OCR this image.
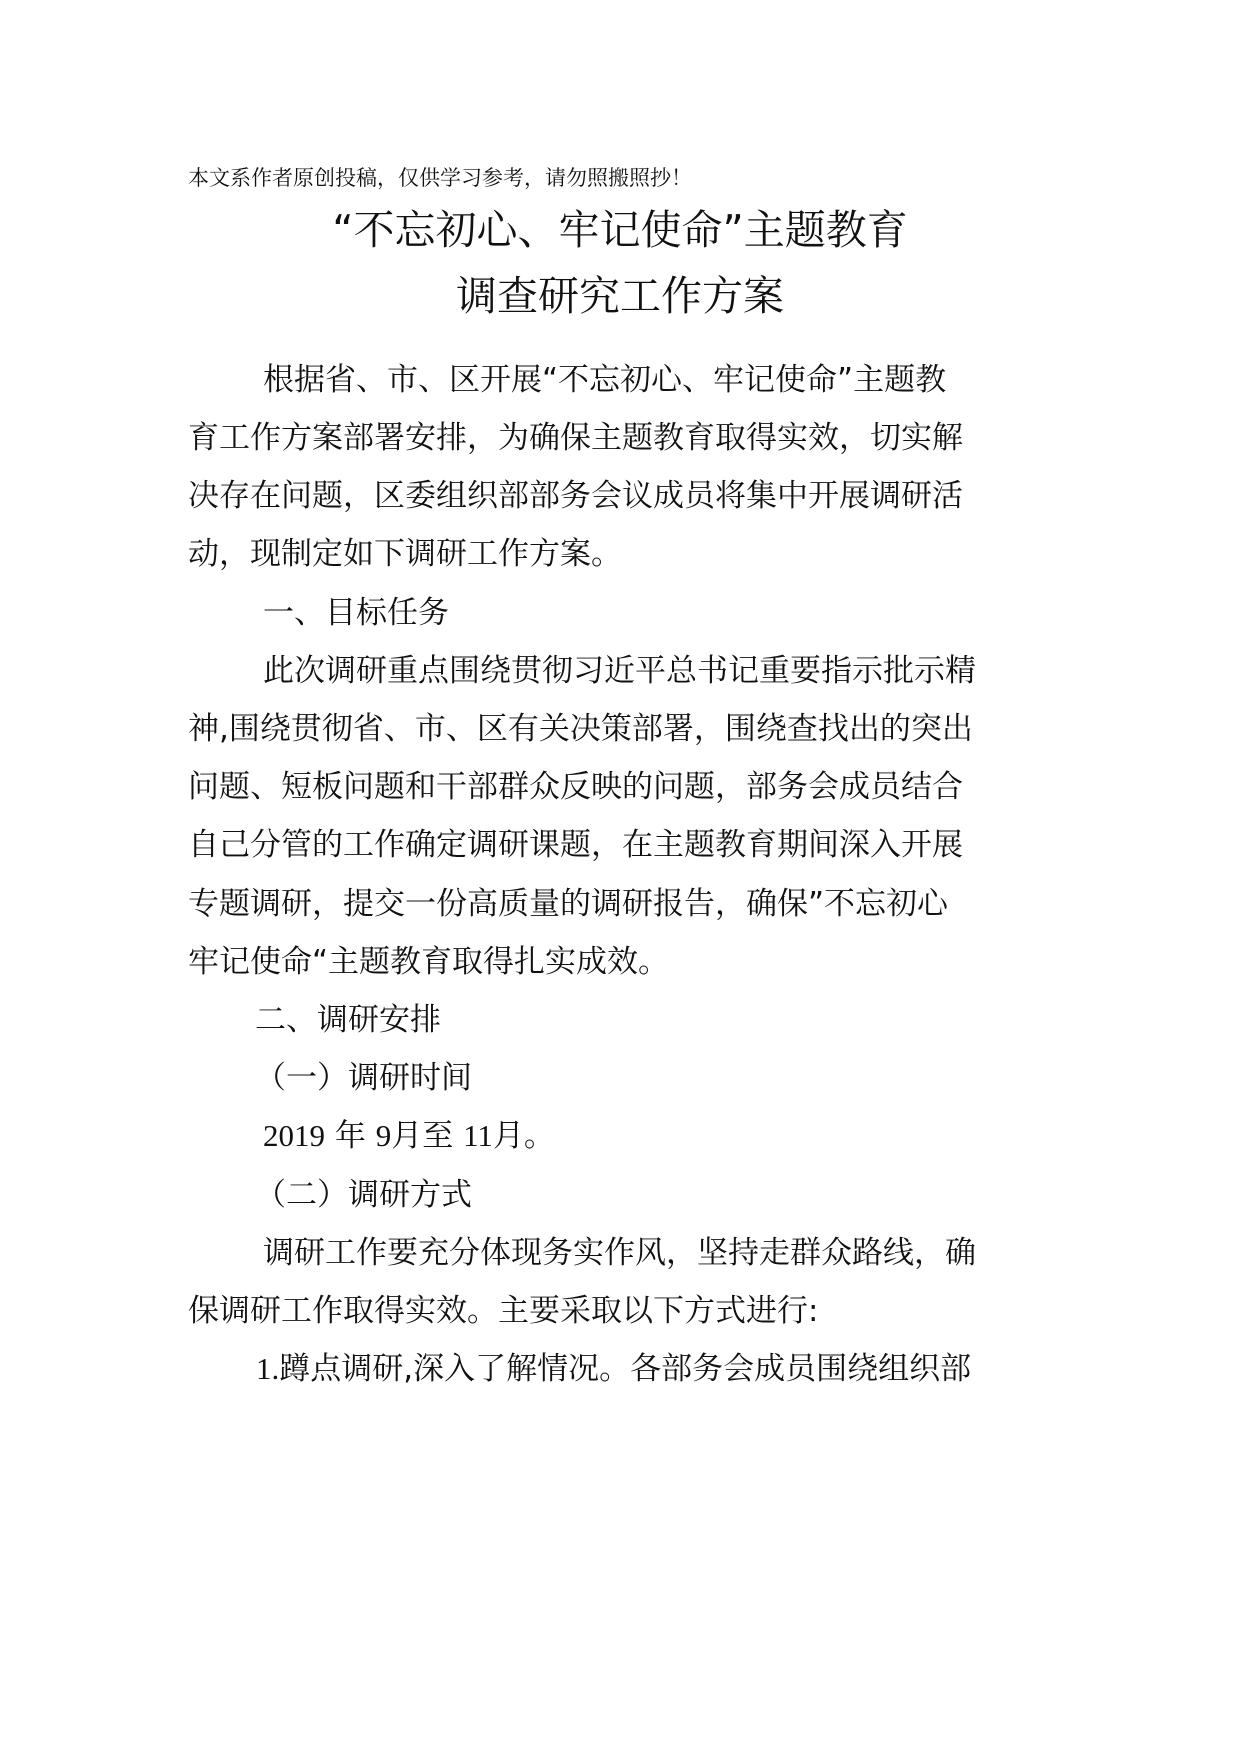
本文系作者原创投稿，仅供学习参考，请勿照搬照抄！
“不忘初心、牢记使命”主题教育
调查研究工作方案
根据省、市、区开展“不忘初心、牢记使命”主题教
育工作方案部署安排，为确保主题教育取得实效，切实解
决存在问题，区委组织部部务会议成员将集中开展调研活
动，现制定如下调研工作方案。
一、目标任务
此次调研重点围绕贯彻习近平总书记重要指示批示精
神,围绕贯彻省、市、区有关决策部署，围绕查找出的突出
问题、短板问题和干部群众反映的问题，部务会成员结合
自己分管的工作确定调研课题，在主题教育期间深入开展
专题调研，提交一份高质量的调研报告，确保”不忘初心
牢记使命“主题教育取得扎实成效。
二、调研安排
（一）调研时间
2019 年 9月至 11月。
（二）调研方式
调研工作要充分体现务实作风，坚持走群众路线，确
保调研工作取得实效。主要采取以下方式进行:
1.蹲点调研,深入了解情况。各部务会成员围绕组织部
